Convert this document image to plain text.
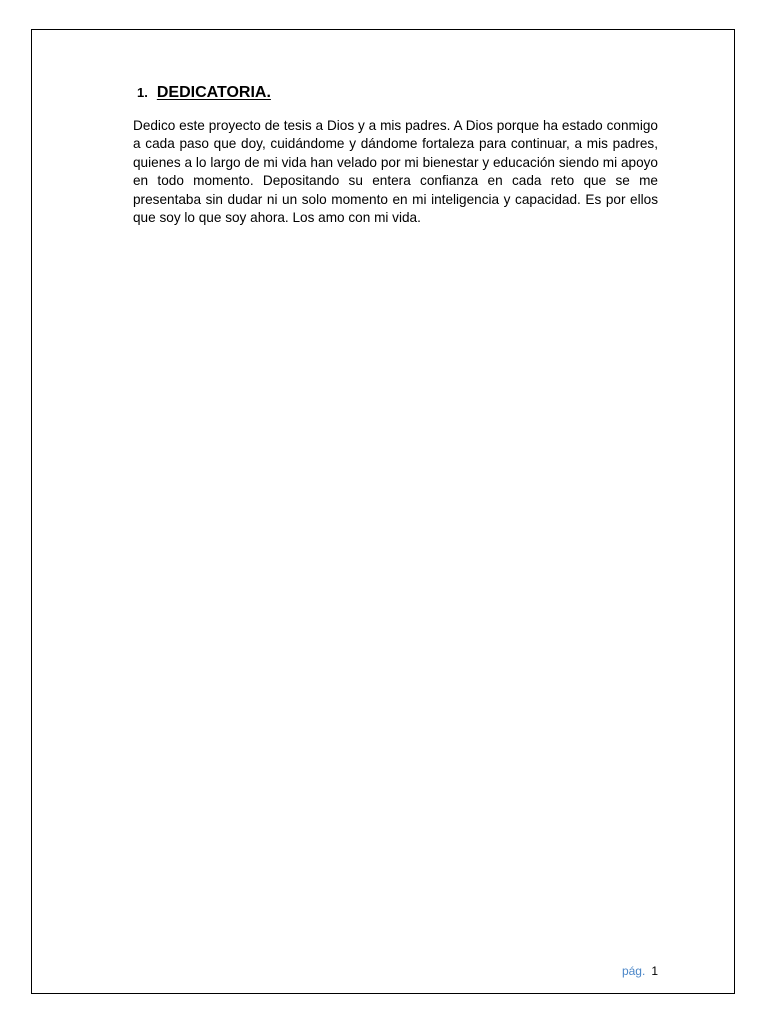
1. DEDICATORIA.

Dedico este proyecto de tesis a Dios y a mis padres. A Dios porque ha estado conmigo a cada paso que doy, cuidándome y dándome fortaleza para continuar, a mis padres, quienes a lo largo de mi vida han velado por mi bienestar y educación siendo mi apoyo en todo momento. Depositando su entera confianza en cada reto que se me presentaba sin dudar ni un solo momento en mi inteligencia y capacidad. Es por ellos que soy lo que soy ahora. Los amo con mi vida.

pág. 1
